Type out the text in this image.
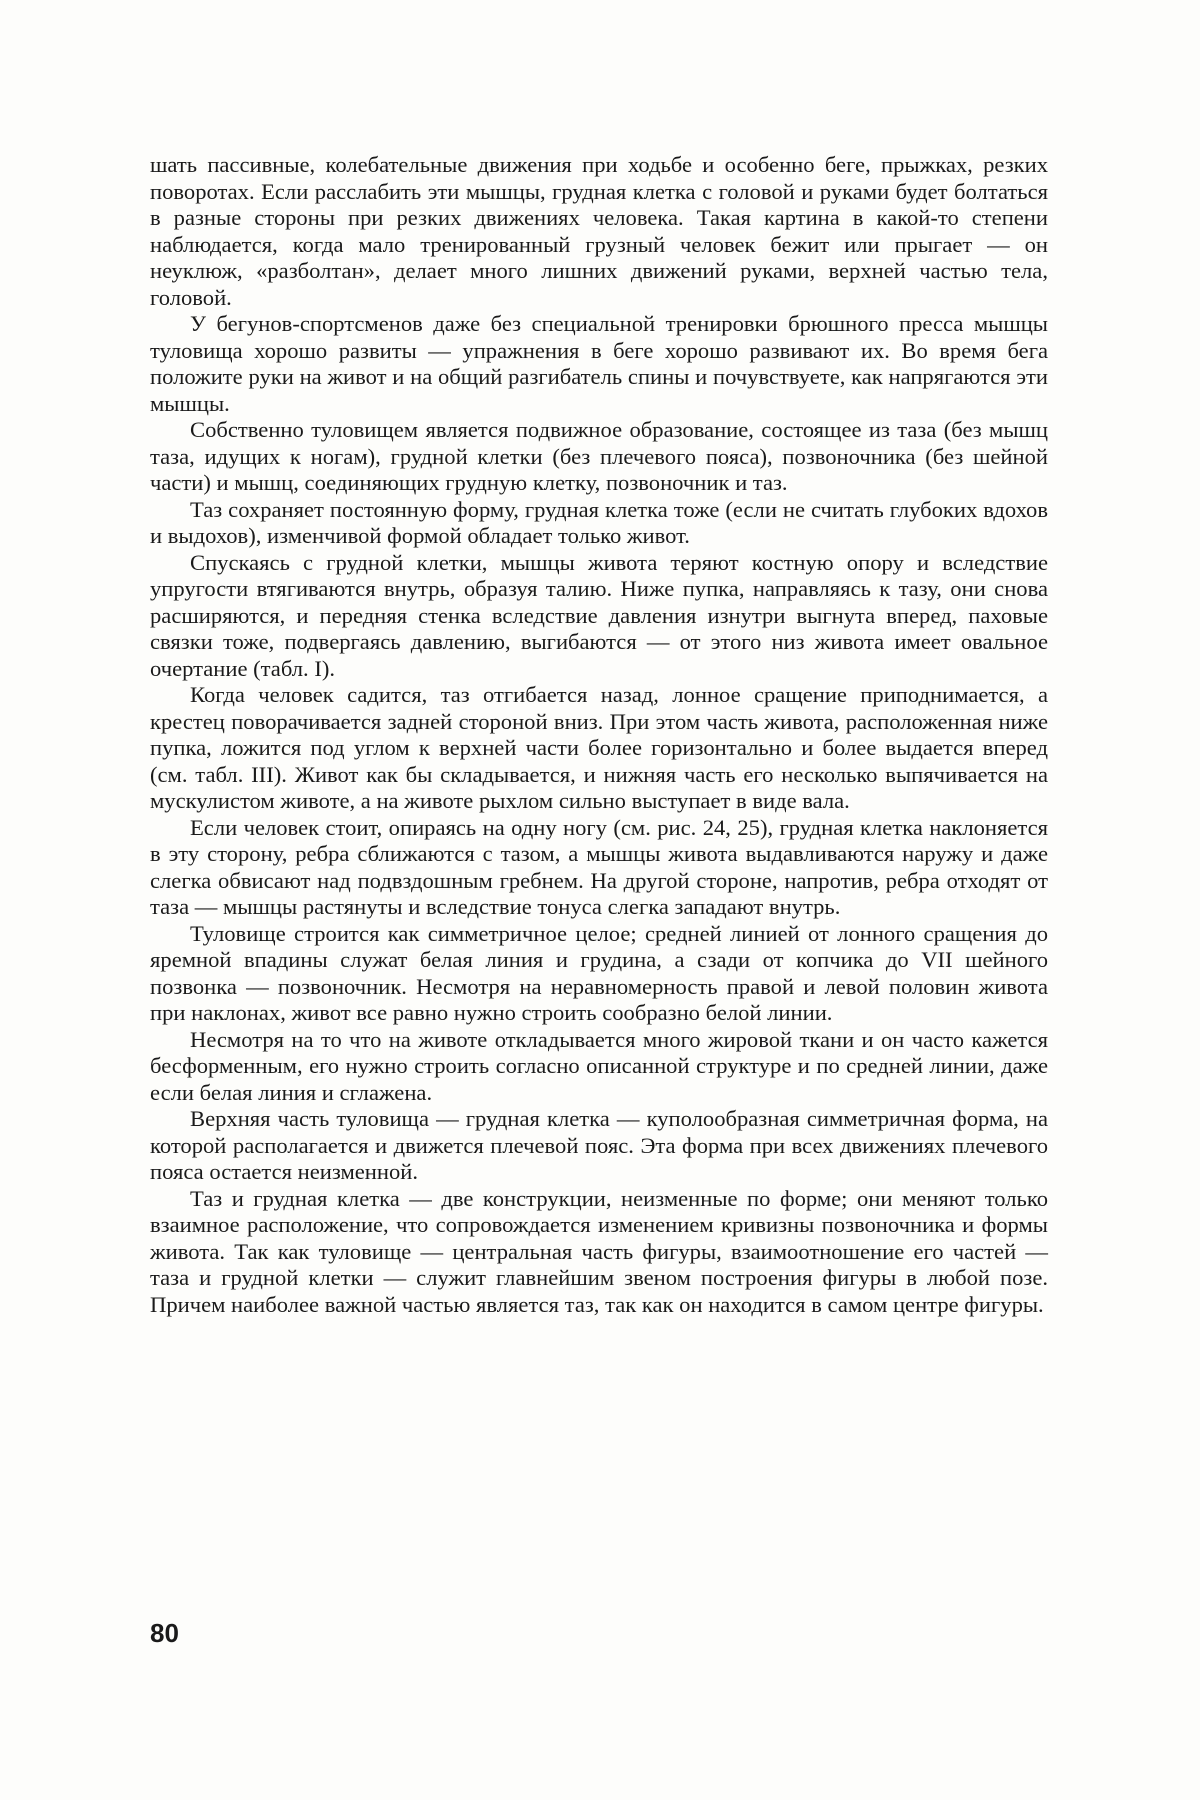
шать пассивные, колебательные движения при ходьбе и особенно беге, прыжках, резких поворотах. Если расслабить эти мышцы, грудная клетка с головой и руками будет болтаться в разные стороны при резких движениях человека. Такая картина в какой-то степени наблюдается, когда мало тренированный грузный человек бежит или прыгает — он неуклюж, «разболтан», делает много лишних движений руками, верхней частью тела, головой.

У бегунов-спортсменов даже без специальной тренировки брюшного пресса мышцы туловища хорошо развиты — упражнения в беге хорошо развивают их. Во время бега положите руки на живот и на общий разгибатель спины и почувствуете, как напрягаются эти мышцы.

Собственно туловищем является подвижное образование, состоящее из таза (без мышц таза, идущих к ногам), грудной клетки (без плечевого пояса), позвоночника (без шейной части) и мышц, соединяющих грудную клетку, позвоночник и таз.

Таз сохраняет постоянную форму, грудная клетка тоже (если не считать глубоких вдохов и выдохов), изменчивой формой обладает только живот.

Спускаясь с грудной клетки, мышцы живота теряют костную опору и вследствие упругости втягиваются внутрь, образуя талию. Ниже пупка, направляясь к тазу, они снова расширяются, и передняя стенка вследствие давления изнутри выгнута вперед, паховые связки тоже, подвергаясь давлению, выгибаются — от этого низ живота имеет овальное очертание (табл. I).

Когда человек садится, таз отгибается назад, лонное сращение приподнимается, а крестец поворачивается задней стороной вниз. При этом часть живота, расположенная ниже пупка, ложится под углом к верхней части более горизонтально и более выдается вперед (см. табл. III). Живот как бы складывается, и нижняя часть его несколько выпячивается на мускулистом животе, а на животе рыхлом сильно выступает в виде вала.

Если человек стоит, опираясь на одну ногу (см. рис. 24, 25), грудная клетка наклоняется в эту сторону, ребра сближаются с тазом, а мышцы живота выдавливаются наружу и даже слегка обвисают над подвздошным гребнем. На другой стороне, напротив, ребра отходят от таза — мышцы растянуты и вследствие тонуса слегка западают внутрь.

Туловище строится как симметричное целое; средней линией от лонного сращения до яремной впадины служат белая линия и грудина, а сзади от копчика до VII шейного позвонка — позвоночник. Несмотря на неравномерность правой и левой половин живота при наклонах, живот все равно нужно строить сообразно белой линии.

Несмотря на то что на животе откладывается много жировой ткани и он часто кажется бесформенным, его нужно строить согласно описанной структуре и по средней линии, даже если белая линия и сглажена.

Верхняя часть туловища — грудная клетка — куполообразная симметричная форма, на которой располагается и движется плечевой пояс. Эта форма при всех движениях плечевого пояса остается неизменной.

Таз и грудная клетка — две конструкции, неизменные по форме; они меняют только взаимное расположение, что сопровождается изменением кривизны позвоночника и формы живота. Так как туловище — центральная часть фигуры, взаимоотношение его частей — таза и грудной клетки — служит главнейшим звеном построения фигуры в любой позе. Причем наиболее важной частью является таз, так как он находится в самом центре фигуры.

80
